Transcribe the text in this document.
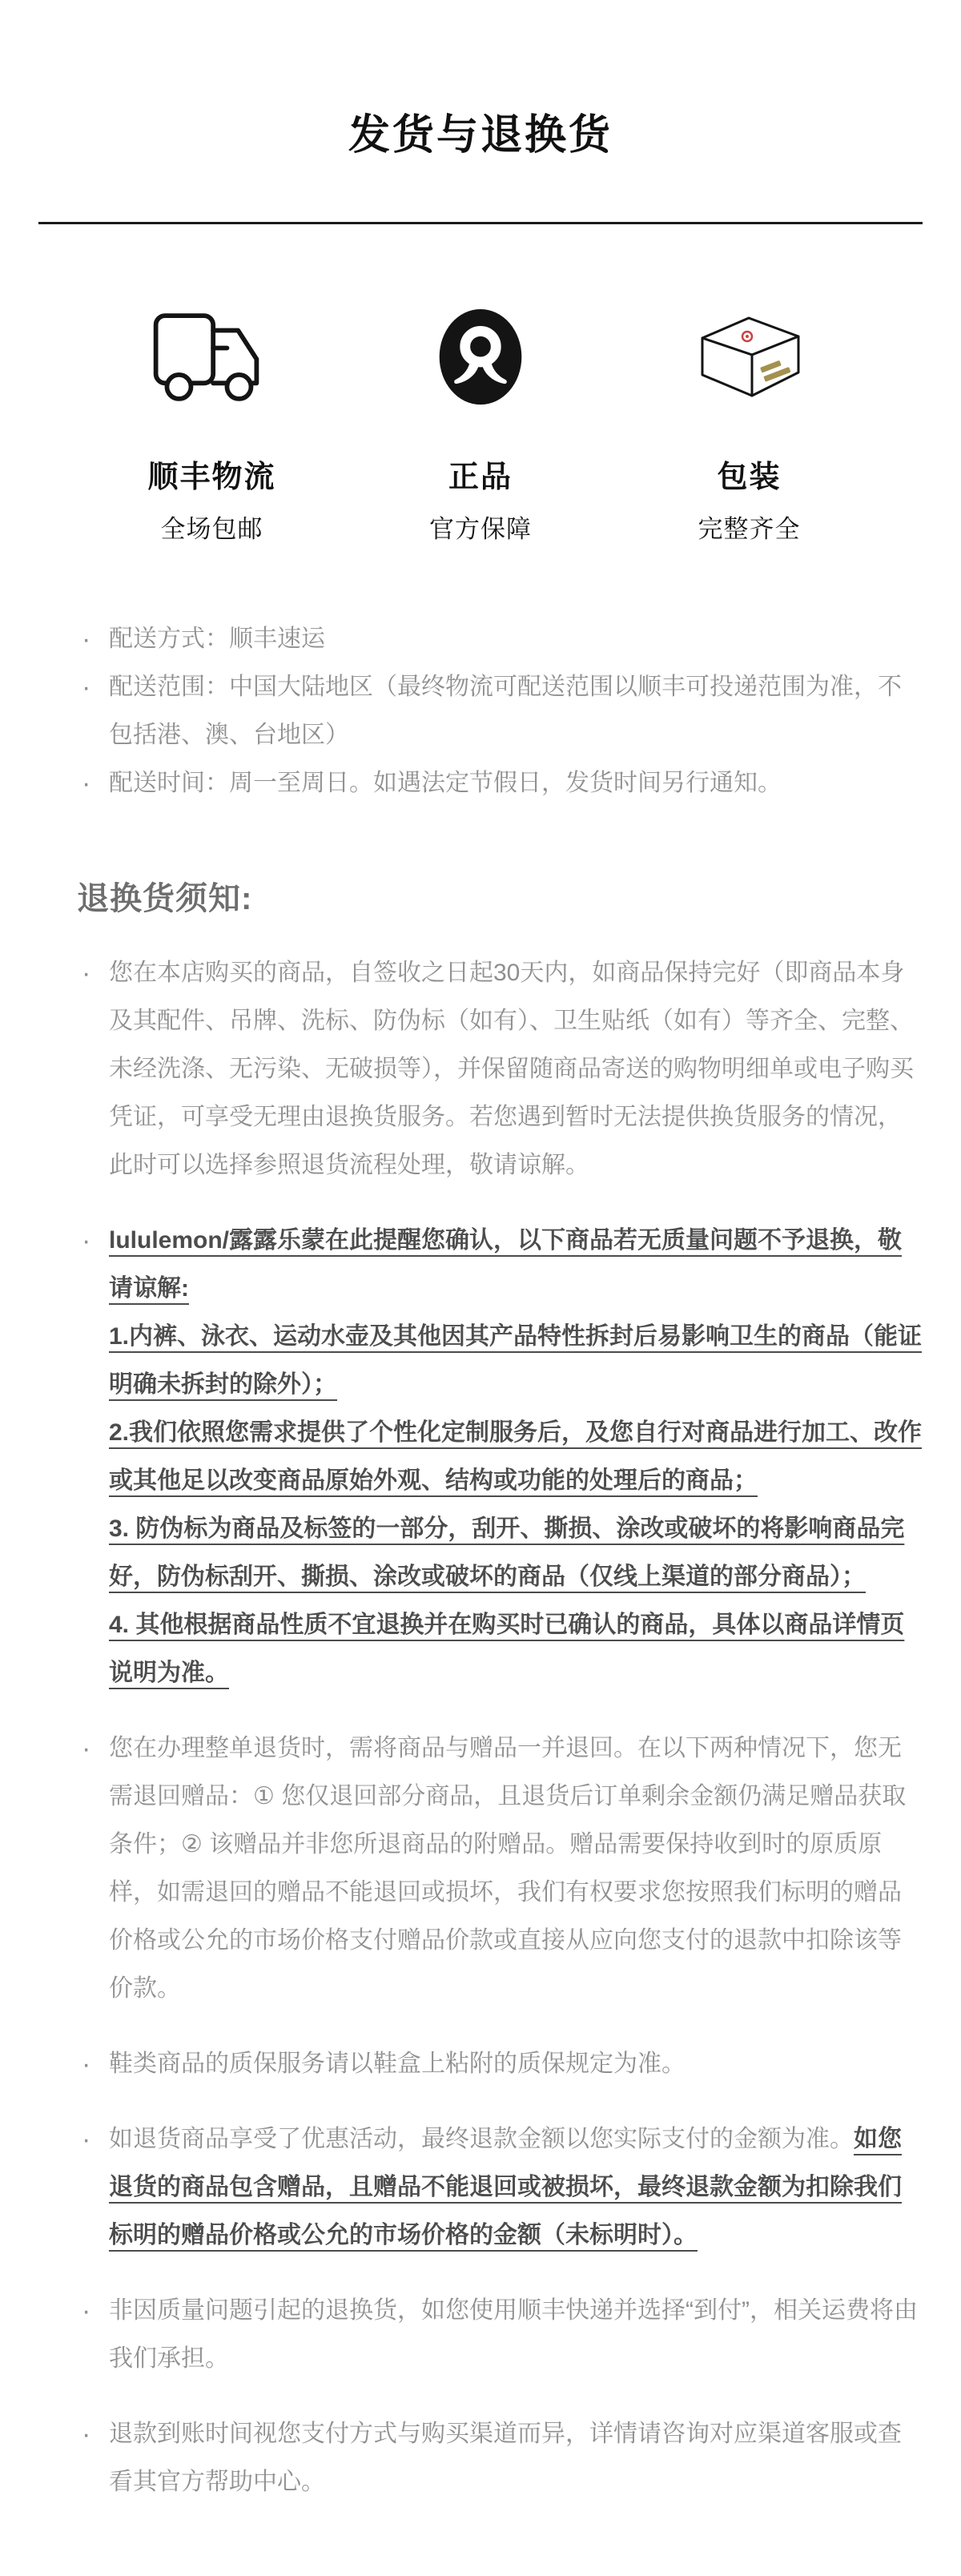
发货与退换货
顺丰物流
全场包邮
正品
官方保障
包装
完整齐全
· 配送方式：顺丰速运
· 配送范围：中国大陆地区（最终物流可配送范围以顺丰可投递范围为准，不包括港、澳、台地区）
· 配送时间：周一至周日。如遇法定节假日，发货时间另行通知。
退换货须知:
· 您在本店购买的商品，自签收之日起30天内，如商品保持完好（即商品本身及其配件、吊牌、洗标、防伪标（如有）、卫生贴纸（如有）等齐全、完整、未经洗涤、无污染、无破损等），并保留随商品寄送的购物明细单或电子购买凭证，可享受无理由退换货服务。若您遇到暂时无法提供换货服务的情况，此时可以选择参照退货流程处理，敬请谅解。
· lululemon/露露乐蒙在此提醒您确认，以下商品若无质量问题不予退换，敬请谅解:
1.内裤、泳衣、运动水壶及其他因其产品特性拆封后易影响卫生的商品（能证明确未拆封的除外）；
2.我们依照您需求提供了个性化定制服务后，及您自行对商品进行加工、改作或其他足以改变商品原始外观、结构或功能的处理后的商品；
3. 防伪标为商品及标签的一部分，刮开、撕损、涂改或破坏的将影响商品完好，防伪标刮开、撕损、涂改或破坏的商品（仅线上渠道的部分商品）；
4. 其他根据商品性质不宜退换并在购买时已确认的商品，具体以商品详情页说明为准。
· 您在办理整单退货时，需将商品与赠品一并退回。在以下两种情况下，您无需退回赠品：① 您仅退回部分商品，且退货后订单剩余金额仍满足赠品获取条件；② 该赠品并非您所退商品的附赠品。赠品需要保持收到时的原质原样，如需退回的赠品不能退回或损坏，我们有权要求您按照我们标明的赠品价格或公允的市场价格支付赠品价款或直接从应向您支付的退款中扣除该等价款。
· 鞋类商品的质保服务请以鞋盒上粘附的质保规定为准。
· 如退货商品享受了优惠活动，最终退款金额以您实际支付的金额为准。如您退货的商品包含赠品，且赠品不能退回或被损坏，最终退款金额为扣除我们标明的赠品价格或公允的市场价格的金额（未标明时）。
· 非因质量问题引起的退换货，如您使用顺丰快递并选择“到付”，相关运费将由我们承担。
· 退款到账时间视您支付方式与购买渠道而异，详情请咨询对应渠道客服或查看其官方帮助中心。
